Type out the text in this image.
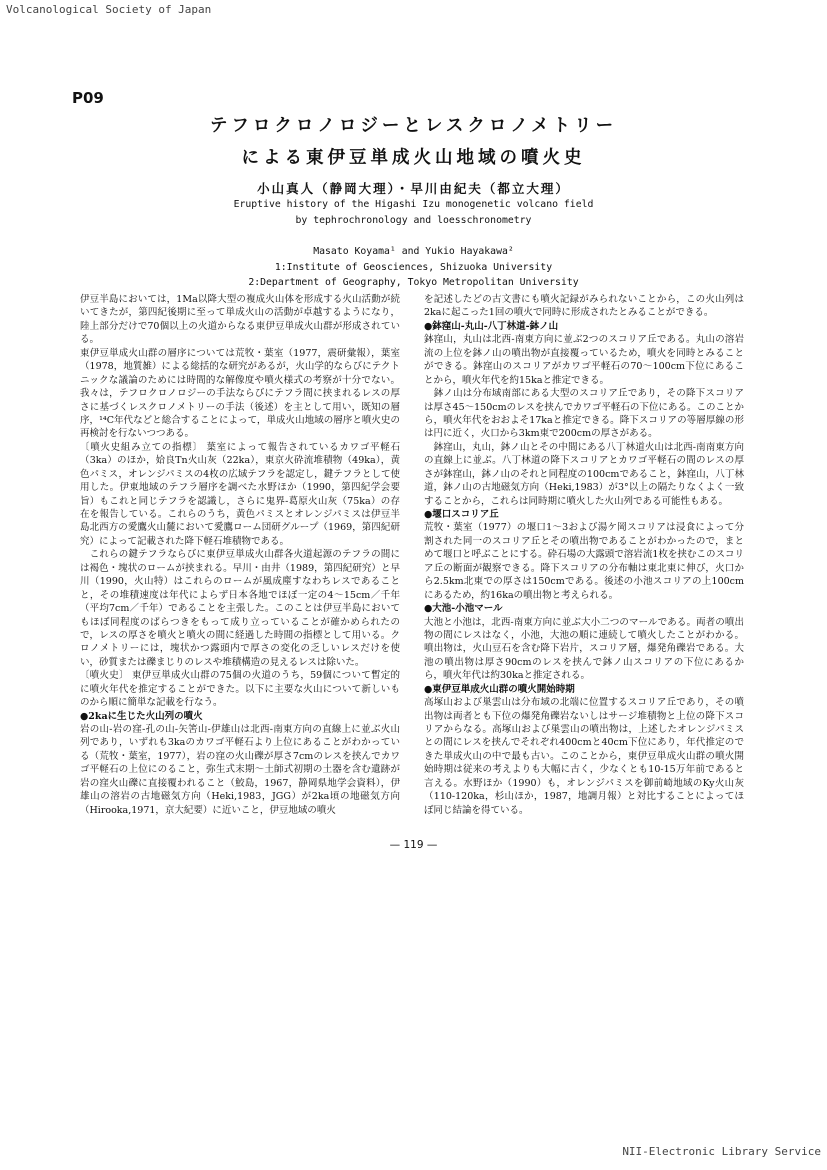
Volcanological Society of Japan
P09
テフロクロノロジーとレスクロノメトリー
による東伊豆単成火山地域の噴火史
小山真人（静岡大理）・早川由紀夫（都立大理）
Eruptive history of the Higashi Izu monogenetic volcano field
by tephrochronology and loesschronometry
Masato Koyama¹ and Yukio Hayakawa²
1:Institute of Geosciences, Shizuoka University
2:Department of Geography, Tokyo Metropolitan University

伊豆半島においては，1Ma以降大型の複成火山体を形成する火山活動が続いてきたが，第四紀後期に至って単成火山の活動が卓越するようになり，陸上部分だけで70個以上の火道からなる東伊豆単成火山群が形成されている。

東伊豆単成火山群の層序については荒牧・葉室（1977，震研彙報），葉室（1978，地質雑）による総括的な研究があるが，火山学的ならびにテクトニックな議論のためには時間的な解像度や噴火様式の考察が十分でない。我々は，テフロクロノロジーの手法ならびにテフラ間に挟まれるレスの厚さに基づくレスクロノメトリーの手法（後述）を主として用い，既知の層序，¹⁴C年代などと総合することによって，単成火山地域の層序と噴火史の再検討を行ないつつある。

〔噴火史組み立ての指標〕 葉室によって報告されているカワゴ平軽石（3ka）のほか，姶良Tn火山灰（22ka），東京火砕流堆積物（49ka），黄色パミス，オレンジパミスの4枚の広域テフラを認定し，鍵テフラとして使用した。伊東地域のテフラ層序を調べた水野ほか（1990，第四紀学会要旨）もこれと同じテフラを認識し，さらに鬼界-葛原火山灰（75ka）の存在を報告している。これらのうち，黄色パミスとオレンジパミスは伊豆半島北西方の愛鷹火山麓において愛鷹ローム団研グループ（1969，第四紀研究）によって記載された降下軽石堆積物である。

　これらの鍵テフラならびに東伊豆単成火山群各火道起源のテフラの間には褐色・塊状のロームが挟まれる。早川・由井（1989，第四紀研究）と早川（1990，火山特）はこれらのロームが風成塵すなわちレスであることと，その堆積速度は年代によらず日本各地でほぼ一定の4～15cm／千年（平均7cm／千年）であることを主張した。このことは伊豆半島においてもほぼ同程度のばらつきをもって成り立っていることが確かめられたので，レスの厚さを噴火と噴火の間に経過した時間の指標として用いる。クロノメトリーには，塊状かつ露頭内で厚さの変化の乏しいレスだけを使い，砂質または礫まじりのレスや堆積構造の見えるレスは除いた。

〔噴火史〕 東伊豆単成火山群の75個の火道のうち，59個について暫定的に噴火年代を推定することができた。以下に主要な火山について新しいものから順に簡単な記載を行なう。

●2kaに生じた火山列の噴火

岩の山-岩の窪-孔の山-矢筈山-伊雄山は北西-南東方向の直線上に並ぶ火山列であり，いずれも3kaのカワゴ平軽石より上位にあることがわかっている（荒牧・葉室，1977），岩の窪の火山礫が厚さ7cmのレスを挟んでカワゴ平軽石の上位にのること，弥生式末期～土師式初期の土器を含む遺跡が岩の窪火山礫に直接覆われること（鮫島，1967，静岡県地学会資料），伊雄山の溶岩の古地磁気方向（Heki,1983，JGG）が2ka頃の地磁気方向（Hirooka,1971，京大紀要）に近いこと，伊豆地域の噴火

を記述したどの古文書にも噴火記録がみられないことから，この火山列は2kaに起こった1回の噴火で同時に形成されたとみることができる。

●鉢窪山-丸山-八丁林道-鉢ノ山

鉢窪山，丸山は北西-南東方向に並ぶ2つのスコリア丘である。丸山の溶岩流の上位を鉢ノ山の噴出物が直接覆っているため，噴火を同時とみることができる。鉢窪山のスコリアがカワゴ平軽石の70～100cm下位にあることから，噴火年代を約15kaと推定できる。

　鉢ノ山は分布域南部にある大型のスコリア丘であり，その降下スコリアは厚さ45～150cmのレスを挟んでカワゴ平軽石の下位にある。このことから，噴火年代をおおよそ17kaと推定できる。降下スコリアの等層厚線の形は円に近く，火口から3km東で200cmの厚さがある。

　鉢窪山，丸山，鉢ノ山とその中間にある八丁林道火山は北西-南南東方向の直線上に並ぶ。八丁林道の降下スコリアとカワゴ平軽石の間のレスの厚さが鉢窪山，鉢ノ山のそれと同程度の100cmであること，鉢窪山，八丁林道，鉢ノ山の古地磁気方向（Heki,1983）が3°以上の隔たりなくよく一致することから，これらは同時期に噴火した火山列である可能性もある。

●堰口スコリア丘

荒牧・葉室（1977）の堰口1～3および湯ケ岡スコリアは浸食によって分割された同一のスコリア丘とその噴出物であることがわかったので，まとめて堰口と呼ぶことにする。砕石場の大露頭で溶岩流1枚を挟むこのスコリア丘の断面が観察できる。降下スコリアの分布軸は東北東に伸び，火口から2.5km北東での厚さは150cmである。後述の小池スコリアの上100cmにあるため，約16kaの噴出物と考えられる。

●大池-小池マール

大池と小池は，北西-南東方向に並ぶ大小二つのマールである。両者の噴出物の間にレスはなく，小池，大池の順に連続して噴火したことがわかる。噴出物は，火山豆石を含む降下岩片，スコリア層，爆発角礫岩である。大池の噴出物は厚さ90cmのレスを挟んで鉢ノ山スコリアの下位にあるから，噴火年代は約30kaと推定される。

●東伊豆単成火山群の噴火開始時期

高塚山および巣雲山は分布域の北端に位置するスコリア丘であり，その噴出物は両者とも下位の爆発角礫岩ないしはサージ堆積物と上位の降下スコリアからなる。高塚山および巣雲山の噴出物は，上述したオレンジパミスとの間にレスを挟んでそれぞれ400cmと40cm下位にあり，年代推定のできた単成火山の中で最も古い。このことから，東伊豆単成火山群の噴火開始時期は従来の考えよりも大幅に古く，少なくとも10-15万年前であると言える。水野ほか（1990）も，オレンジパミスを御前崎地域のKy火山灰（110-120ka，杉山ほか，1987，地調月報）と対比することによってほぼ同じ結論を得ている。

— 119 —
NII-Electronic Library Service
